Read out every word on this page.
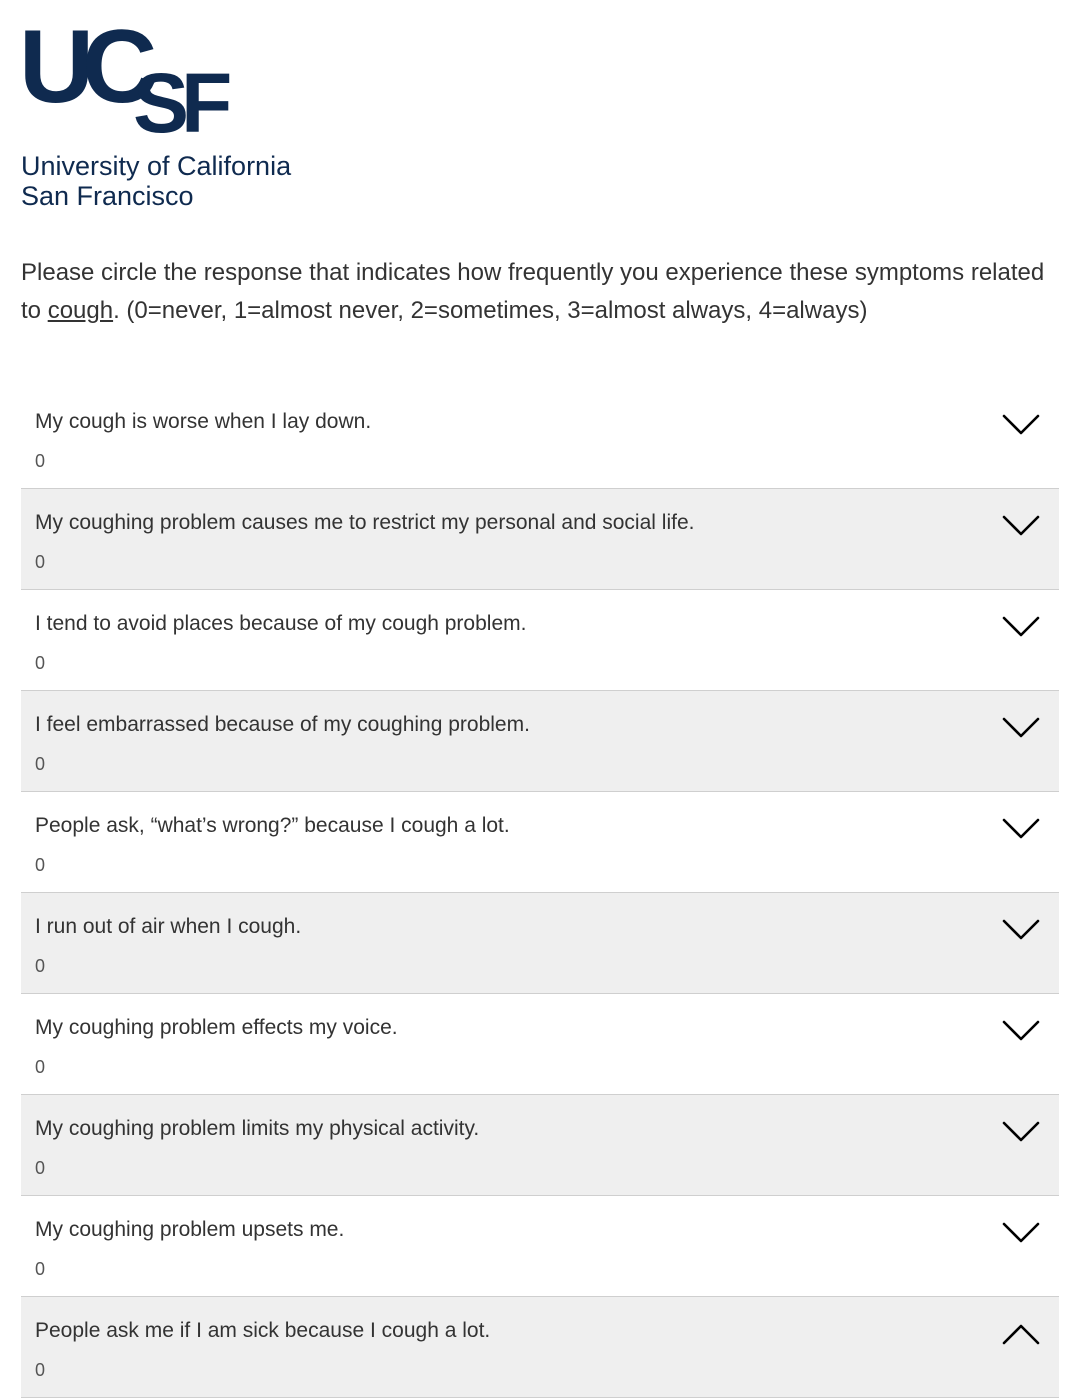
UC
SF
University of California
San Francisco
Please circle the response that indicates how frequently you experience these symptoms related to cough. (0=never, 1=almost never, 2=sometimes, 3=almost always, 4=always)
My cough is worse when I lay down.
0
My coughing problem causes me to restrict my personal and social life.
0
I tend to avoid places because of my cough problem.
0
I feel embarrassed because of my coughing problem.
0
People ask, “what’s wrong?” because I cough a lot.
0
I run out of air when I cough.
0
My coughing problem effects my voice.
0
My coughing problem limits my physical activity.
0
My coughing problem upsets me.
0
People ask me if I am sick because I cough a lot.
0
